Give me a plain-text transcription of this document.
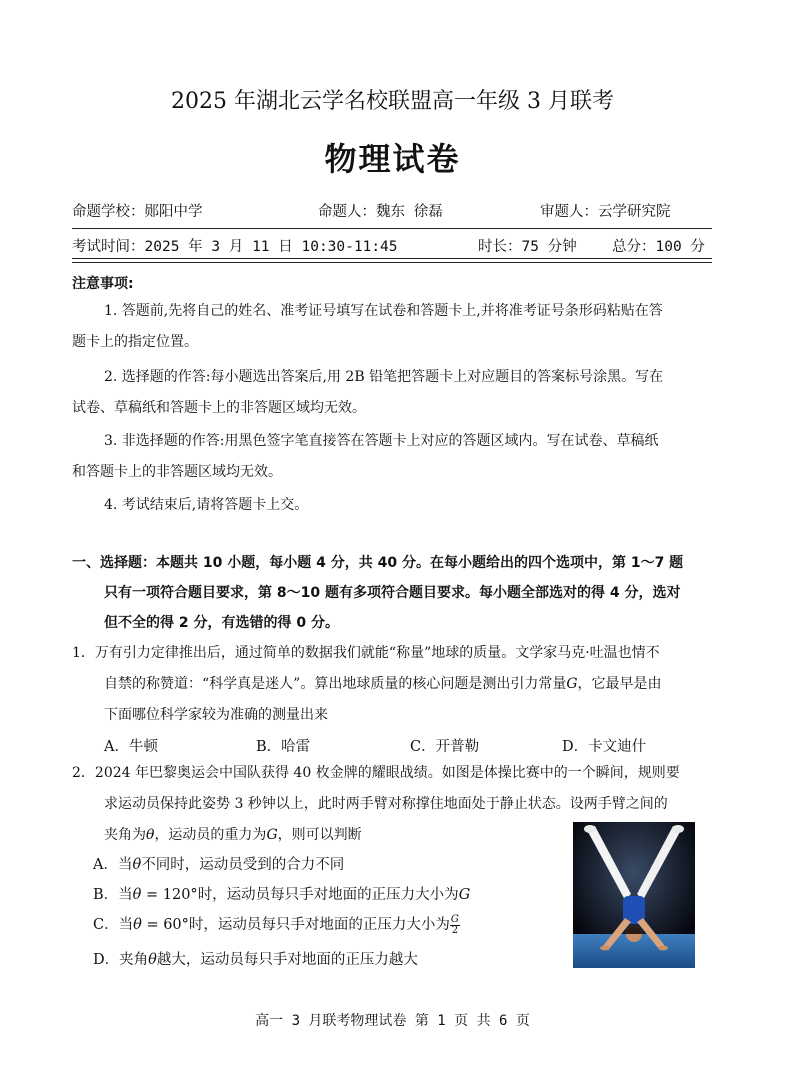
2025 年湖北云学名校联盟高一年级 3 月联考
物理试卷
命题学校：郧阳中学	命题人：魏东 徐磊	审题人：云学研究院
考试时间：2025 年 3 月 11 日 10:30-11:45	时长：75 分钟 总分：100 分
注意事项:
1. 答题前,先将自己的姓名、准考证号填写在试卷和答题卡上,并将准考证号条形码粘贴在答
题卡上的指定位置。
2. 选择题的作答:每小题选出答案后,用 2B 铅笔把答题卡上对应题目的答案标号涂黑。写在
试卷、草稿纸和答题卡上的非答题区域均无效。
3. 非选择题的作答:用黑色签字笔直接答在答题卡上对应的答题区域内。写在试卷、草稿纸
和答题卡上的非答题区域均无效。
4. 考试结束后,请将答题卡上交。
一、选择题：本题共 10 小题，每小题 4 分，共 40 分。在每小题给出的四个选项中，第 1～7 题
只有一项符合题目要求，第 8～10 题有多项符合题目要求。每小题全部选对的得 4 分，选对
但不全的得 2 分，有选错的得 0 分。
1．万有引力定律推出后，通过简单的数据我们就能“称量”地球的质量。文学家马克·吐温也情不
自禁的称赞道：“科学真是迷人”。算出地球质量的核心问题是测出引力常量G，它最早是由
下面哪位科学家较为准确的测量出来
A．牛顿	B．哈雷	C．开普勒	D．卡文迪什
2．2024 年巴黎奥运会中国队获得 40 枚金牌的耀眼战绩。如图是体操比赛中的一个瞬间，规则要
求运动员保持此姿势 3 秒钟以上，此时两手臂对称撑住地面处于静止状态。设两手臂之间的
夹角为θ，运动员的重力为G，则可以判断
A．当θ不同时，运动员受到的合力不同
B．当θ = 120°时，运动员每只手对地面的正压力大小为G
C．当θ = 60°时，运动员每只手对地面的正压力大小为 $\frac{G}{2}$
D．夹角θ越大，运动员每只手对地面的正压力越大
高一 3 月联考物理试卷 第 1 页 共 6 页
